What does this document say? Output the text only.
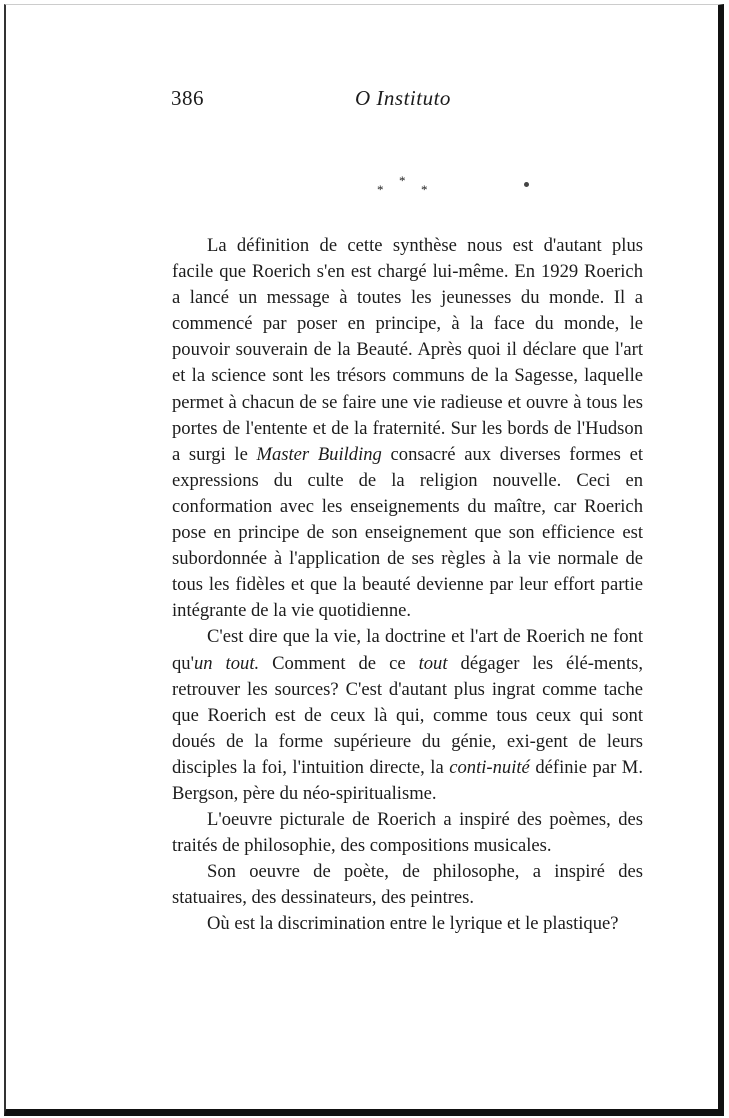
386	O Instituto
*
*
*

La définition de cette synthèse nous est d'autant plus facile que Roerich s'en est chargé lui-même. En 1929 Roerich a lancé un message à toutes les jeunesses du monde. Il a commencé par poser en principe, à la face du monde, le pouvoir souverain de la Beauté. Après quoi il déclare que l'art et la science sont les trésors communs de la Sagesse, laquelle permet à chacun de se faire une vie radieuse et ouvre à tous les portes de l'entente et de la fraternité. Sur les bords de l'Hudson a surgi le Master Building consacré aux diverses formes et expressions du culte de la religion nouvelle. Ceci en conformation avec les enseignements du maître, car Roerich pose en principe de son enseignement que son efficience est subordonnée à l'application de ses règles à la vie normale de tous les fidèles et que la beauté devienne par leur effort partie intégrante de la vie quotidienne.

C'est dire que la vie, la doctrine et l'art de Roerich ne font qu'un tout. Comment de ce tout dégager les élé-ments, retrouver les sources? C'est d'autant plus ingrat comme tache que Roerich est de ceux là qui, comme tous ceux qui sont doués de la forme supérieure du génie, exi-gent de leurs disciples la foi, l'intuition directe, la conti-nuité définie par M. Bergson, père du néo-spiritualisme.

L'oeuvre picturale de Roerich a inspiré des poèmes, des traités de philosophie, des compositions musicales.

Son oeuvre de poète, de philosophe, a inspiré des statuaires, des dessinateurs, des peintres.

Où est la discrimination entre le lyrique et le plastique?
